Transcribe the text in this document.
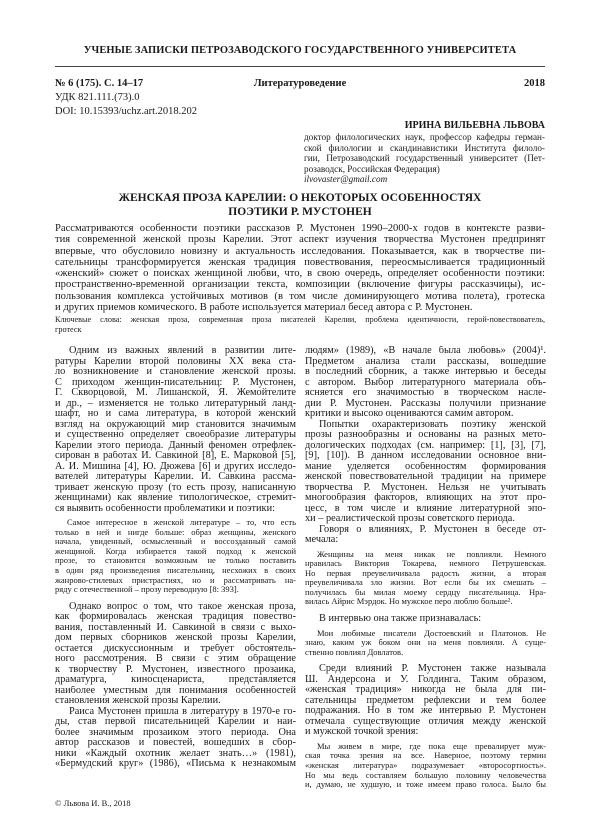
УЧЕНЫЕ ЗАПИСКИ ПЕТРОЗАВОДСКОГО ГОСУДАРСТВЕННОГО УНИВЕРСИТЕТА
№ 6 (175). С. 14–17	Литературоведение	2018
УДК 821.111.(73).0
DOI: 10.15393/uchz.art.2018.202
ИРИНА ВИЛЬЕВНА ЛЬВОВА
доктор филологических наук, профессор кафедры герман-
ской филологии и скандинавистики Института филоло-
гии, Петрозаводский государственный университет (Пет-
розаводск, Российская Федерация)
ilvovaster@gmail.com
ЖЕНСКАЯ ПРОЗА КАРЕЛИИ: О НЕКОТОРЫХ ОСОБЕННОСТЯХ
ПОЭТИКИ Р. МУСТОНЕН
Рассматриваются особенности поэтики рассказов Р. Мустонен 1990–2000-х годов в контексте разви-
тия современной женской прозы Карелии. Этот аспект изучения творчества Мустонен предпринят
впервые, что обусловило новизну и актуальность исследования. Показывается, как в творчестве пи-
сательницы трансформируется женская традиция повествования, переосмысливается традиционный
«женский» сюжет о поисках женщиной любви, что, в свою очередь, определяет особенности поэтики:
пространственно-временной организации текста, композиции (включение фигуры рассказчицы), ис-
пользования комплекса устойчивых мотивов (в том числе доминирующего мотива полета), гротеска
и других приемов комического. В работе используется материал бесед автора с Р. Мустонен.
Ключевые слова: женская проза, современная проза писателей Карелии, проблема идентичности, герой-повествователь,
гротеск
Одним из важных явлений в развитии лите-
ратуры Карелии второй половины XX века ста-
ло возникновение и становление женской прозы.
С приходом женщин-писательниц: Р. Мустонен,
Г. Скворцовой, М. Лишанской, Я. Жемойтелите
и др., – изменяется не только литературный ланд-
шафт, но и сама литература, в которой женский
взгляд на окружающий мир становится значимым
и существенно определяет своеобразие литературы
Карелии этого периода. Данный феномен отрефлек-
сирован в работах И. Савкиной [8], Е. Марковой [5],
А. И. Мишина [4], Ю. Дюжева [6] и других исследо-
вателей литературы Карелии. И. Савкина рассма-
тривает женскую прозу (то есть прозу, написанную
женщинами) как явление типологическое, стремит-
ся выявить особенности проблематики и поэтики:
Самое интересное в женской литературе – то, что есть
только в ней и нигде больше: образ женщины, женского
начала, увиденный, осмысленный и воссозданный самой
женщиной. Когда избирается такой подход к женской
прозе, то становится возможным не только поставить
в один ряд произведения писательниц, несхожих в своих
жанрово-стилевых пристрастиях, но и рассматривать на-
ряду с отечественной – прозу переводную [8: 393].
Однако вопрос о том, что такое женская проза,
как формировалась женская традиция повество-
вания, поставленный И. Савкиной в связи с выхо-
дом первых сборников женской прозы Карелии,
остается дискуссионным и требует обстоятель-
ного рассмотрения. В связи с этим обращение
к творчеству Р. Мустонен, известного прозаика,
драматурга, киносценариста, представляется
наиболее уместным для понимания особенностей
становления женской прозы Карелии.
Раиса Мустонен пришла в литературу в 1970-е го-
ды, став первой писательницей Карелии и наи-
более значимым прозаиком этого периода. Она
автор рассказов и повестей, вошедших в сбор-
ники «Каждый охотник желает знать…» (1981),
«Бермудский круг» (1986), «Письма к незнакомым
людям» (1989), «В начале была любовь» (2004)¹.
Предметом анализа стали рассказы, вошедшие
в последний сборник, а также интервью и беседы
с автором. Выбор литературного материала объ-
ясняется его значимостью в творческом насле-
дии Р. Мустонен. Рассказы получили признание
критики и высоко оцениваются самим автором.
Попытки охарактеризовать поэтику женской
прозы разнообразны и основаны на разных мето-
дологических подходах (см. например: [1], [3], [7],
[9], [10]). В данном исследовании основное вни-
мание уделяется особенностям формирования
женской повествовательной традиции на примере
творчества Р. Мустонен. Нельзя не учитывать
многообразия факторов, влияющих на этот про-
цесс, в том числе и влияние литературной эпо-
хи – реалистической прозы советского периода.
Говоря о влияниях, Р. Мустонен в беседе от-
мечала:
Женщины на меня никак не повлияли. Немного
нравилась Виктория Токарева, немного Петрушевская.
Но первая преувеличивала радость жизни, а вторая
преувеличивала зло жизни. Вот если бы их смешать –
получилась бы милая моему сердцу писательница. Нра-
вилась Айрис Мэрдок. Но мужское перо люблю больше².
В интервью она также признавалась:
Мои любимые писатели Достоевский и Платонов. Не
знаю, каким уж боком они на меня повлияли. А суще-
ственно повлиял Довлатов.
Среди влияний Р. Мустонен также называла
Ш. Андерсона и У. Голдинга. Таким образом,
«женская традиция» никогда не была для пи-
сательницы предметом рефлексии и тем более
подражания. Но в том же интервью Р. Мустонен
отмечала существующие отличия между женской
и мужской точкой зрения:
Мы живем в мире, где пока еще превалирует муж-
ская точка зрения на все. Наверное, поэтому термин
«женская литература» подразумевает «второсортность».
Но мы ведь составляем большую половину человечества
и, думаю, не худшую, и тоже имеем право голоса. Было бы
© Львова И. В., 2018
